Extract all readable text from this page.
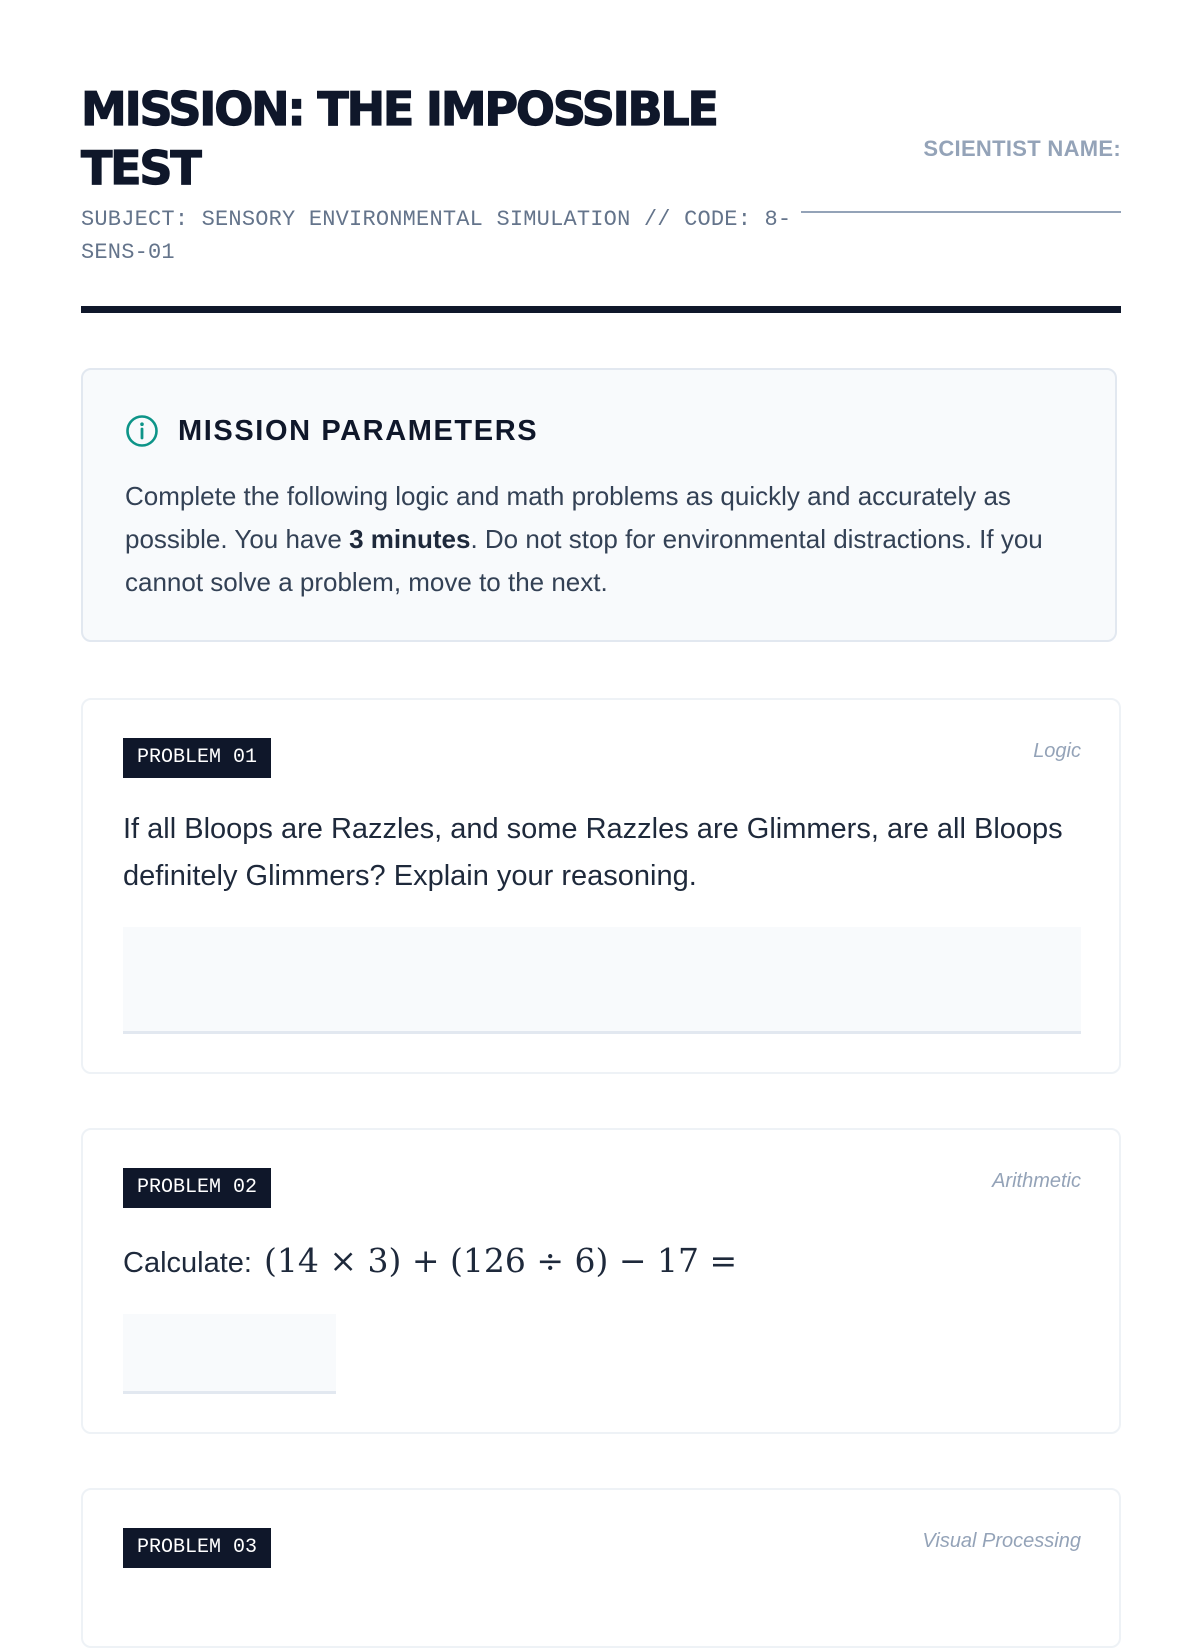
MISSION: THE IMPOSSIBLE TEST
SUBJECT: SENSORY ENVIRONMENTAL SIMULATION // CODE: 8-SENS-01
SCIENTIST NAME:
MISSION PARAMETERS

Complete the following logic and math problems as quickly and accurately as possible. You have 3 minutes. Do not stop for environmental distractions. If you cannot solve a problem, move to the next.

PROBLEM 01	Logic

If all Bloops are Razzles, and some Razzles are Glimmers, are all Bloops definitely Glimmers? Explain your reasoning.

PROBLEM 02	Arithmetic

Calculate: (14 × 3) + (126 ÷ 6) − 17 =

PROBLEM 03	Visual Processing
